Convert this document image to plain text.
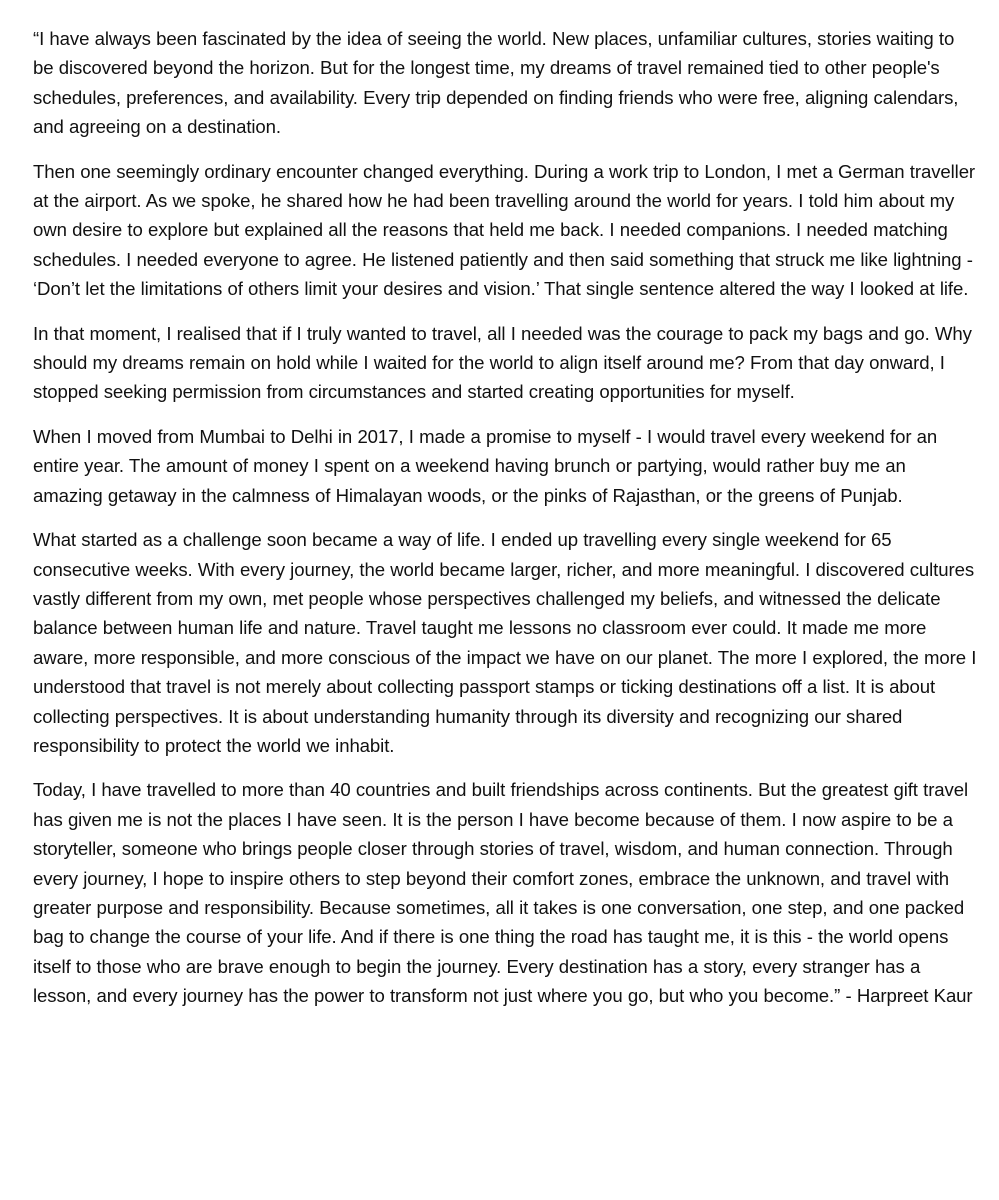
“I have always been fascinated by the idea of seeing the world. New places, unfamiliar cultures, stories waiting to be discovered beyond the horizon. But for the longest time, my dreams of travel remained tied to other people's schedules, preferences, and availability. Every trip depended on finding friends who were free, aligning calendars, and agreeing on a destination.

Then one seemingly ordinary encounter changed everything. During a work trip to London, I met a German traveller at the airport. As we spoke, he shared how he had been travelling around the world for years. I told him about my own desire to explore but explained all the reasons that held me back. I needed companions. I needed matching schedules. I needed everyone to agree. He listened patiently and then said something that struck me like lightning - ‘Don’t let the limitations of others limit your desires and vision.’ That single sentence altered the way I looked at life.

In that moment, I realised that if I truly wanted to travel, all I needed was the courage to pack my bags and go. Why should my dreams remain on hold while I waited for the world to align itself around me? From that day onward, I stopped seeking permission from circumstances and started creating opportunities for myself.

When I moved from Mumbai to Delhi in 2017, I made a promise to myself - I would travel every weekend for an entire year. The amount of money I spent on a weekend having brunch or partying, would rather buy me an amazing getaway in the calmness of Himalayan woods, or the pinks of Rajasthan, or the greens of Punjab.

What started as a challenge soon became a way of life. I ended up travelling every single weekend for 65 consecutive weeks. With every journey, the world became larger, richer, and more meaningful. I discovered cultures vastly different from my own, met people whose perspectives challenged my beliefs, and witnessed the delicate balance between human life and nature. Travel taught me lessons no classroom ever could. It made me more aware, more responsible, and more conscious of the impact we have on our planet. The more I explored, the more I understood that travel is not merely about collecting passport stamps or ticking destinations off a list. It is about collecting perspectives. It is about understanding humanity through its diversity and recognizing our shared responsibility to protect the world we inhabit.

Today, I have travelled to more than 40 countries and built friendships across continents. But the greatest gift travel has given me is not the places I have seen. It is the person I have become because of them. I now aspire to be a storyteller, someone who brings people closer through stories of travel, wisdom, and human connection. Through every journey, I hope to inspire others to step beyond their comfort zones, embrace the unknown, and travel with greater purpose and responsibility. Because sometimes, all it takes is one conversation, one step, and one packed bag to change the course of your life. And if there is one thing the road has taught me, it is this - the world opens itself to those who are brave enough to begin the journey. Every destination has a story, every stranger has a lesson, and every journey has the power to transform not just where you go, but who you become.” - Harpreet Kaur
